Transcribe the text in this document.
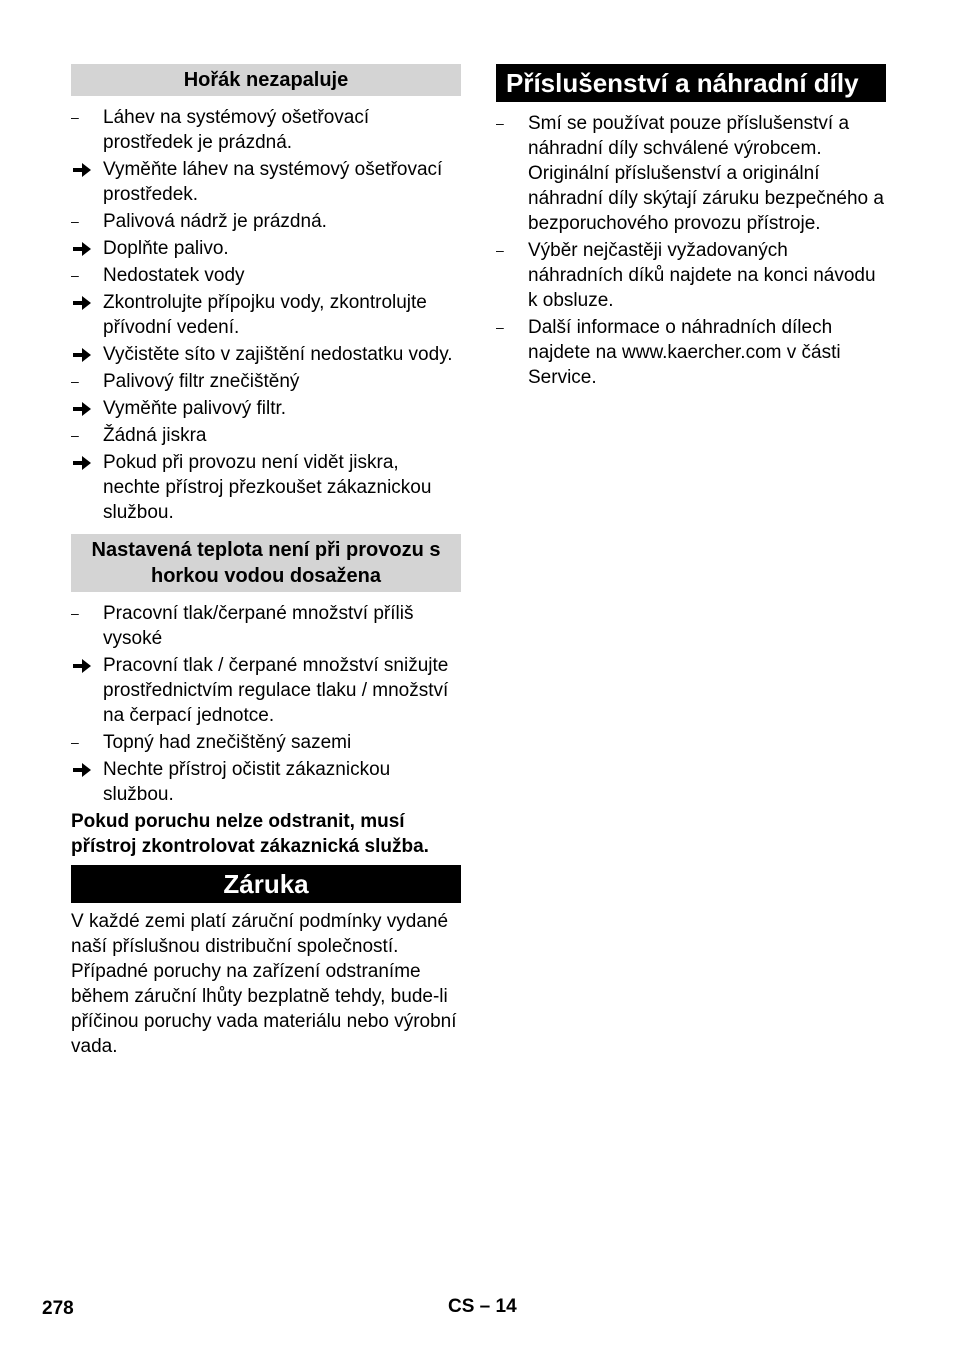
Hořák nezapaluje
–	Láhev na systémový ošetřovací prostředek je prázdná.
Vyměňte láhev na systémový ošetřovací prostředek.
–	Palivová nádrž je prázdná.
Doplňte palivo.
–	Nedostatek vody
Zkontrolujte přípojku vody, zkontrolujte přívodní vedení.
Vyčistěte síto v zajištění nedostatku vody.
–	Palivový filtr znečištěný
Vyměňte palivový filtr.
–	Žádná jiskra
Pokud při provozu není vidět jiskra, nechte přístroj přezkoušet zákaznickou službou.
Nastavená teplota není při provozu s horkou vodou dosažena
–	Pracovní tlak/čerpané množství příliš vysoké
Pracovní tlak / čerpané množství snižujte prostřednictvím regulace tlaku / množství na čerpací jednotce.
–	Topný had znečištěný sazemi
Nechte přístroj očistit zákaznickou službou.

Pokud poruchu nelze odstranit, musí přístroj zkontrolovat zákaznická služba.

Záruka

V každé zemi platí záruční podmínky vydané naší příslušnou distribuční společností. Případné poruchy na zařízení odstraníme během záruční lhůty bezplatně tehdy, bude-li příčinou poruchy vada materiálu nebo výrobní vada.

Příslušenství a náhradní díly
–	Smí se používat pouze příslušenství a náhradní díly schválené výrobcem. Originální příslušenství a originální náhradní díly skýtají záruku bezpečného a bezporuchového provozu přístroje.
–	Výběr nejčastěji vyžadovaných náhradních díků najdete na konci návodu k obsluze.
–	Další informace o náhradních dílech najdete na www.kaercher.com v části Service.
278	CS – 14
